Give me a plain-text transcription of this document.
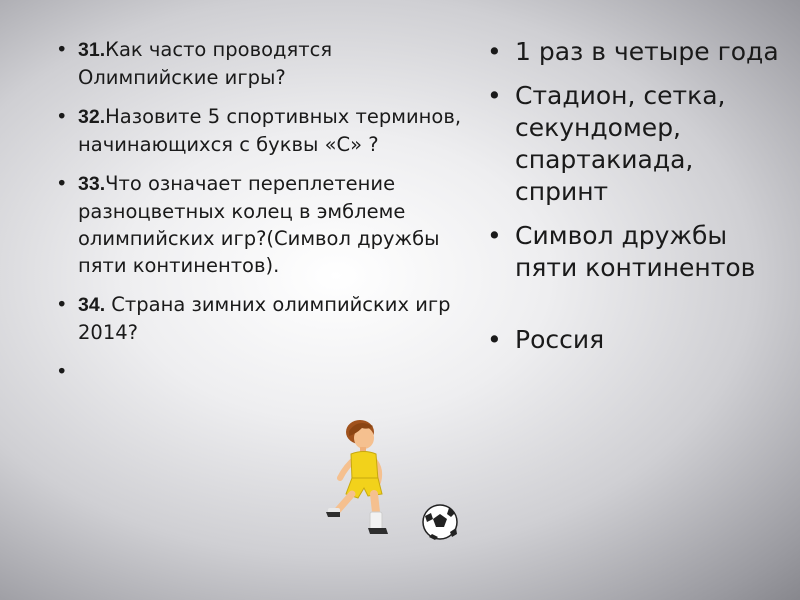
• 31.Как часто проводятся Олимпийские игры?
• 32.Назовите 5 спортивных терминов, начинающихся с буквы «С» ?
• 33.Что означает переплетение разноцветных колец в эмблеме олимпийских игр?(Символ дружбы пяти континентов).
• 34. Страна зимних олимпийских игр 2014?
•
• 1 раз в четыре года
• Стадион, сетка, секундомер, спартакиада, спринт
• Символ дружбы пяти континентов
• Россия
